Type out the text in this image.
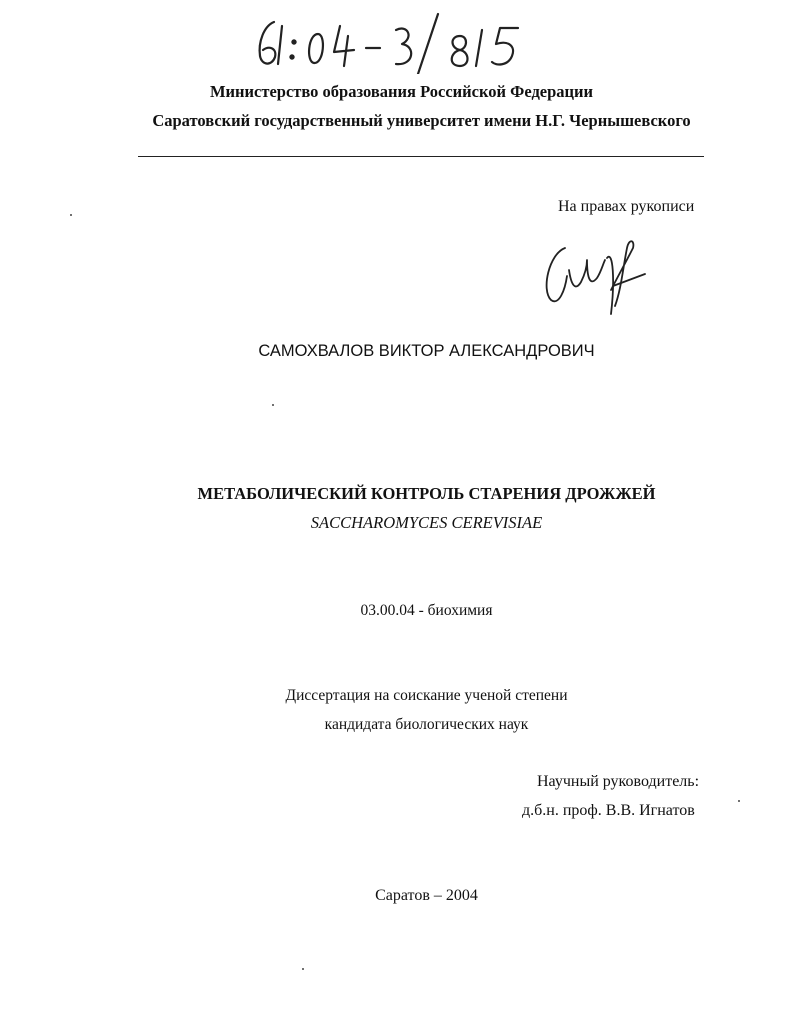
Министерство образования Российской Федерации
Саратовский государственный университет имени Н.Г. Чернышевского
На правах рукописи
САМОХВАЛОВ ВИКТОР АЛЕКСАНДРОВИЧ
МЕТАБОЛИЧЕСКИЙ КОНТРОЛЬ СТАРЕНИЯ ДРОЖЖЕЙ
SACCHAROMYCES CEREVISIAE
03.00.04 - биохимия
Диссертация на соискание ученой степени
кандидата биологических наук
Научный руководитель:
д.б.н. проф. В.В. Игнатов
Саратов – 2004
